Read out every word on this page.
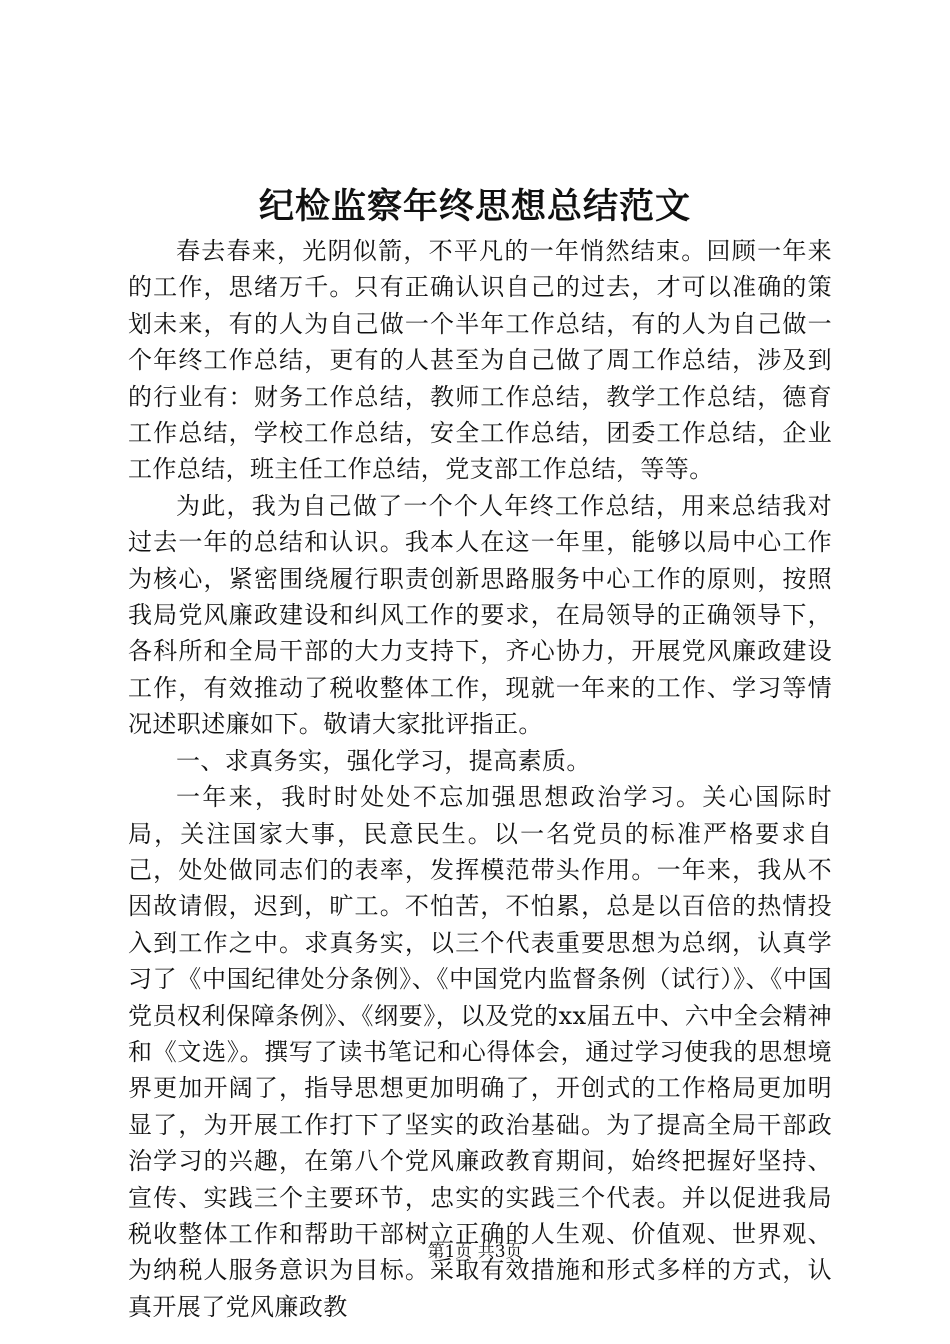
纪检监察年终思想总结范文

春去春来，光阴似箭，不平凡的一年悄然结束。回顾一年来的工作，思绪万千。只有正确认识自己的过去，才可以准确的策划未来，有的人为自己做一个半年工作总结，有的人为自己做一个年终工作总结，更有的人甚至为自己做了周工作总结，涉及到的行业有：财务工作总结，教师工作总结，教学工作总结，德育工作总结，学校工作总结，安全工作总结，团委工作总结，企业工作总结，班主任工作总结，党支部工作总结，等等。

为此，我为自己做了一个个人年终工作总结，用来总结我对过去一年的总结和认识。我本人在这一年里，能够以局中心工作为核心，紧密围绕履行职责创新思路服务中心工作的原则，按照我局党风廉政建设和纠风工作的要求，在局领导的正确领导下，各科所和全局干部的大力支持下，齐心协力，开展党风廉政建设工作，有效推动了税收整体工作，现就一年来的工作、学习等情况述职述廉如下。敬请大家批评指正。

一、求真务实，强化学习，提高素质。

一年来，我时时处处不忘加强思想政治学习。关心国际时局，关注国家大事，民意民生。以一名党员的标准严格要求自己，处处做同志们的表率，发挥模范带头作用。一年来，我从不因故请假，迟到，旷工。不怕苦，不怕累，总是以百倍的热情投入到工作之中。求真务实，以三个代表重要思想为总纲，认真学习了《中国纪律处分条例》、《中国党内监督条例（试行）》、《中国党员权利保障条例》、《纲要》，以及党的xx届五中、六中全会精神和《文选》。撰写了读书笔记和心得体会，通过学习使我的思想境界更加开阔了，指导思想更加明确了，开创式的工作格局更加明显了，为开展工作打下了坚实的政治基础。为了提高全局干部政治学习的兴趣，在第八个党风廉政教育期间，始终把握好坚持、宣传、实践三个主要环节，忠实的实践三个代表。并以促进我局税收整体工作和帮助干部树立正确的人生观、价值观、世界观、为纳税人服务意识为目标。采取有效措施和形式多样的方式，认真开展了党风廉政教

第1页 共3页
